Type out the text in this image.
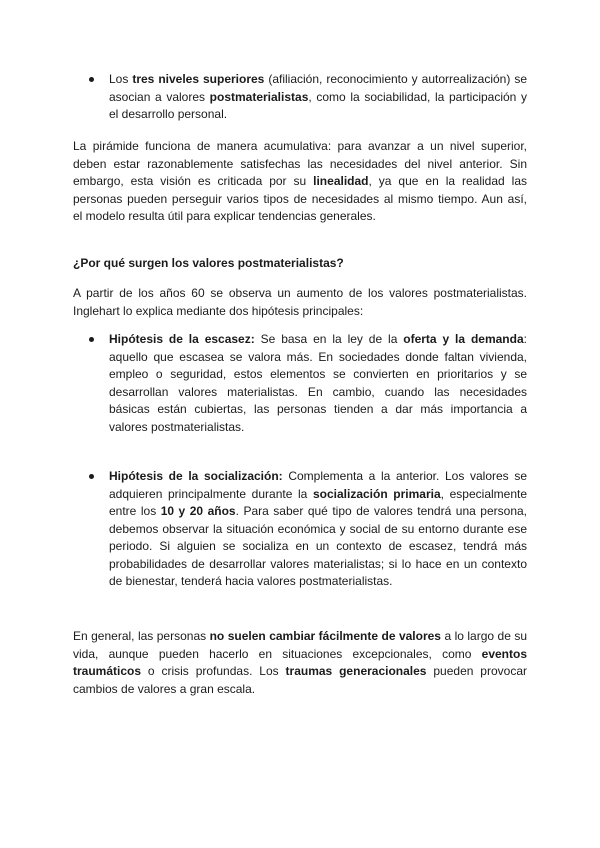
Los tres niveles superiores (afiliación, reconocimiento y autorrealización) se
asocian a valores postmaterialistas, como la sociabilidad, la participación y
el desarrollo personal.
La pirámide funciona de manera acumulativa: para avanzar a un nivel superior,
deben estar razonablemente satisfechas las necesidades del nivel anterior. Sin
embargo, esta visión es criticada por su linealidad, ya que en la realidad las
personas pueden perseguir varios tipos de necesidades al mismo tiempo. Aun así,
el modelo resulta útil para explicar tendencias generales.
¿Por qué surgen los valores postmaterialistas?
A partir de los años 60 se observa un aumento de los valores postmaterialistas.
Inglehart lo explica mediante dos hipótesis principales:
Hipótesis de la escasez: Se basa en la ley de la oferta y la demanda:
aquello que escasea se valora más. En sociedades donde faltan vivienda,
empleo o seguridad, estos elementos se convierten en prioritarios y se
desarrollan valores materialistas. En cambio, cuando las necesidades
básicas están cubiertas, las personas tienden a dar más importancia a
valores postmaterialistas.
Hipótesis de la socialización: Complementa a la anterior. Los valores se
adquieren principalmente durante la socialización primaria, especialmente
entre los 10 y 20 años. Para saber qué tipo de valores tendrá una persona,
debemos observar la situación económica y social de su entorno durante ese
periodo. Si alguien se socializa en un contexto de escasez, tendrá más
probabilidades de desarrollar valores materialistas; si lo hace en un contexto
de bienestar, tenderá hacia valores postmaterialistas.
En general, las personas no suelen cambiar fácilmente de valores a lo largo de su
vida, aunque pueden hacerlo en situaciones excepcionales, como eventos
traumáticos o crisis profundas. Los traumas generacionales pueden provocar
cambios de valores a gran escala.
